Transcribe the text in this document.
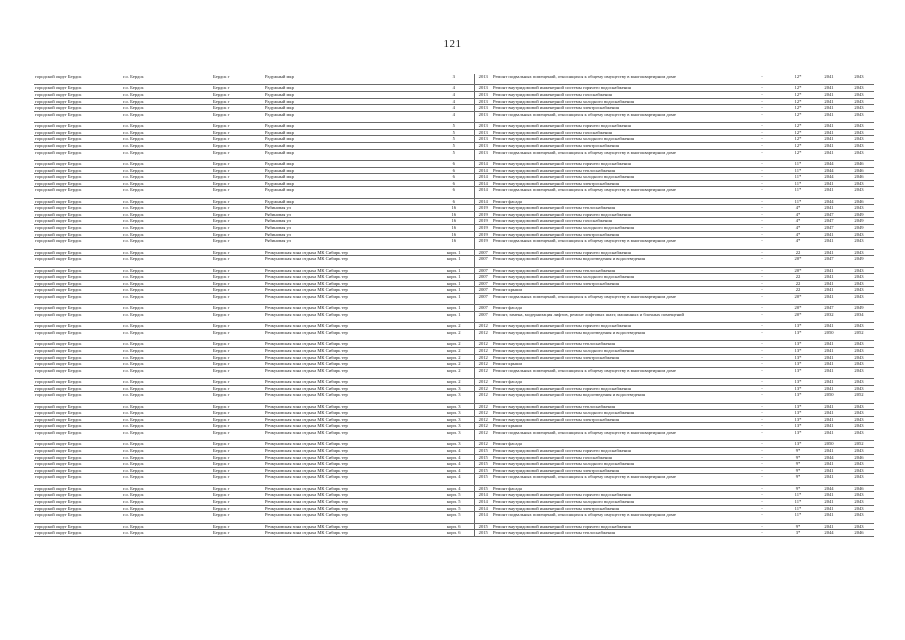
121
городской округ Бердск	г.о. Бердск	Бердск г	Радужный мкр	3	2013	Ремонт подвальных помещений, относящихся к общему имуществу в многоквартирном доме	-	12*	2041	2043
городской округ Бердск	г.о. Бердск	Бердск г	Радужный мкр	4	2013	Ремонт внутридомовой инженерной системы горячего водоснабжения	-	12*	2041	2043
городской округ Бердск	г.о. Бердск	Бердск г	Радужный мкр	4	2013	Ремонт внутридомовой инженерной системы газоснабжения	-	12*	2041	2043
городской округ Бердск	г.о. Бердск	Бердск г	Радужный мкр	4	2013	Ремонт внутридомовой инженерной системы холодного водоснабжения	-	12*	2041	2043
городской округ Бердск	г.о. Бердск	Бердск г	Радужный мкр	4	2013	Ремонт внутридомовой инженерной системы электроснабжения	-	12*	2041	2043
городской округ Бердск	г.о. Бердск	Бердск г	Радужный мкр	4	2013	Ремонт подвальных помещений, относящихся к общему имуществу в многоквартирном доме	-	12*	2041	2043
городской округ Бердск	г.о. Бердск	Бердск г	Радужный мкр	5	2013	Ремонт внутридомовой инженерной системы горячего водоснабжения	-	12*	2041	2043
городской округ Бердск	г.о. Бердск	Бердск г	Радужный мкр	5	2013	Ремонт внутридомовой инженерной системы газоснабжения	-	12*	2041	2043
городской округ Бердск	г.о. Бердск	Бердск г	Радужный мкр	5	2013	Ремонт внутридомовой инженерной системы холодного водоснабжения	-	12*	2041	2043
городской округ Бердск	г.о. Бердск	Бердск г	Радужный мкр	5	2013	Ремонт внутридомовой инженерной системы электроснабжения	-	12*	2041	2043
городской округ Бердск	г.о. Бердск	Бердск г	Радужный мкр	5	2013	Ремонт подвальных помещений, относящихся к общему имуществу в многоквартирном доме	-	12*	2041	2043
городской округ Бердск	г.о. Бердск	Бердск г	Радужный мкр	6	2014	Ремонт внутридомовой инженерной системы горячего водоснабжения	-	11*	2044	2046
городской округ Бердск	г.о. Бердск	Бердск г	Радужный мкр	6	2014	Ремонт внутридомовой инженерной системы теплоснабжения	-	11*	2044	2046
городской округ Бердск	г.о. Бердск	Бердск г	Радужный мкр	6	2014	Ремонт внутридомовой инженерной системы холодного водоснабжения	-	11*	2044	2046
городской округ Бердск	г.о. Бердск	Бердск г	Радужный мкр	6	2014	Ремонт внутридомовой инженерной системы электроснабжения	-	11*	2041	2043
городской округ Бердск	г.о. Бердск	Бердск г	Радужный мкр	6	2014	Ремонт подвальных помещений, относящихся к общему имуществу в многоквартирном доме	-	11*	2041	2043
городской округ Бердск	г.о. Бердск	Бердск г	Радужный мкр	6	2014	Ремонт фасада	-	11*	2044	2046
городской округ Бердск	г.о. Бердск	Бердск г	Рябиновая ул	16	2019	Ремонт внутридомовой инженерной системы теплоснабжения	-	4*	2041	2043
городской округ Бердск	г.о. Бердск	Бердск г	Рябиновая ул	16	2019	Ремонт внутридомовой инженерной системы горячего водоснабжения	-	4*	2047	2049
городской округ Бердск	г.о. Бердск	Бердск г	Рябиновая ул	16	2019	Ремонт внутридомовой инженерной системы газоснабжения	-	4*	2047	2049
городской округ Бердск	г.о. Бердск	Бердск г	Рябиновая ул	16	2019	Ремонт внутридомовой инженерной системы холодного водоснабжения	-	4*	2047	2049
городской округ Бердск	г.о. Бердск	Бердск г	Рябиновая ул	16	2019	Ремонт внутридомовой инженерной системы электроснабжения	-	4*	2041	2043
городской округ Бердск	г.о. Бердск	Бердск г	Рябиновая ул	16	2019	Ремонт подвальных помещений, относящихся к общему имуществу в многоквартирном доме	-	4*	2041	2043
городской округ Бердск	г.о. Бердск	Бердск г	Речкуновская зона отдыха МК Сибирь тер	корп. 1	2007	Ремонт внутридомовой инженерной системы горячего водоснабжения	-	22	2041	2043
городской округ Бердск	г.о. Бердск	Бердск г	Речкуновская зона отдыха МК Сибирь тер	корп. 1	2007	Ремонт внутридомовой инженерной системы водоотведения и водоотведения	-	20*	2047	2049
городской округ Бердск	г.о. Бердск	Бердск г	Речкуновская зона отдыха МК Сибирь тер	корп. 1	2007	Ремонт внутридомовой инженерной системы теплоснабжения	-	20*	2041	2043
городской округ Бердск	г.о. Бердск	Бердск г	Речкуновская зона отдыха МК Сибирь тер	корп. 1	2007	Ремонт внутридомовой инженерной системы холодного водоснабжения	-	22	2041	2043
городской округ Бердск	г.о. Бердск	Бердск г	Речкуновская зона отдыха МК Сибирь тер	корп. 1	2007	Ремонт внутридомовой инженерной системы электроснабжения	-	22	2041	2043
городской округ Бердск	г.о. Бердск	Бердск г	Речкуновская зона отдыха МК Сибирь тер	корп. 1	2007	Ремонт крыши	-	22	2041	2043
городской округ Бердск	г.о. Бердск	Бердск г	Речкуновская зона отдыха МК Сибирь тер	корп. 1	2007	Ремонт подвальных помещений, относящихся к общему имуществу в многоквартирном доме	-	20*	2041	2043
городской округ Бердск	г.о. Бердск	Бердск г	Речкуновская зона отдыха МК Сибирь тер	корп. 1	2007	Ремонт фасада	-	20*	2047	2049
городской округ Бердск	г.о. Бердск	Бердск г	Речкуновская зона отдыха МК Сибирь тер	корп. 1	2007	Ремонт, замена, модернизация лифтов, ремонт лифтовых шахт, машинных и блочных помещений	-	20*	2032	2034
городской округ Бердск	г.о. Бердск	Бердск г	Речкуновская зона отдыха МК Сибирь тер	корп. 2	2012	Ремонт внутридомовой инженерной системы горячего водоснабжения	-	13*	2041	2043
городской округ Бердск	г.о. Бердск	Бердск г	Речкуновская зона отдыха МК Сибирь тер	корп. 2	2012	Ремонт внутридомовой инженерной системы водоотведения и водоотведения	-	13*	2050	2052
городской округ Бердск	г.о. Бердск	Бердск г	Речкуновская зона отдыха МК Сибирь тер	корп. 2	2012	Ремонт внутридомовой инженерной системы теплоснабжения	-	13*	2041	2043
городской округ Бердск	г.о. Бердск	Бердск г	Речкуновская зона отдыха МК Сибирь тер	корп. 2	2012	Ремонт внутридомовой инженерной системы холодного водоснабжения	-	13*	2041	2043
городской округ Бердск	г.о. Бердск	Бердск г	Речкуновская зона отдыха МК Сибирь тер	корп. 2	2012	Ремонт внутридомовой инженерной системы электроснабжения	-	13*	2041	2043
городской округ Бердск	г.о. Бердск	Бердск г	Речкуновская зона отдыха МК Сибирь тер	корп. 2	2012	Ремонт крыши	-	13*	2041	2043
городской округ Бердск	г.о. Бердск	Бердск г	Речкуновская зона отдыха МК Сибирь тер	корп. 2	2012	Ремонт подвальных помещений, относящихся к общему имуществу в многоквартирном доме	-	13*	2041	2043
городской округ Бердск	г.о. Бердск	Бердск г	Речкуновская зона отдыха МК Сибирь тер	корп. 2	2012	Ремонт фасада	-	13*	2041	2043
городской округ Бердск	г.о. Бердск	Бердск г	Речкуновская зона отдыха МК Сибирь тер	корп. 3	2012	Ремонт внутридомовой инженерной системы горячего водоснабжения	-	13*	2041	2043
городской округ Бердск	г.о. Бердск	Бердск г	Речкуновская зона отдыха МК Сибирь тер	корп. 3	2012	Ремонт внутридомовой инженерной системы водоотведения и водоотведения	-	13*	2050	2052
городской округ Бердск	г.о. Бердск	Бердск г	Речкуновская зона отдыха МК Сибирь тер	корп. 3	2012	Ремонт внутридомовой инженерной системы теплоснабжения	-	13*	2041	2043
городской округ Бердск	г.о. Бердск	Бердск г	Речкуновская зона отдыха МК Сибирь тер	корп. 3	2012	Ремонт внутридомовой инженерной системы холодного водоснабжения	-	13*	2041	2043
городской округ Бердск	г.о. Бердск	Бердск г	Речкуновская зона отдыха МК Сибирь тер	корп. 3	2012	Ремонт внутридомовой инженерной системы электроснабжения	-	13*	2041	2043
городской округ Бердск	г.о. Бердск	Бердск г	Речкуновская зона отдыха МК Сибирь тер	корп. 3	2012	Ремонт крыши	-	13*	2041	2043
городской округ Бердск	г.о. Бердск	Бердск г	Речкуновская зона отдыха МК Сибирь тер	корп. 3	2012	Ремонт подвальных помещений, относящихся к общему имуществу в многоквартирном доме	-	13*	2041	2043
городской округ Бердск	г.о. Бердск	Бердск г	Речкуновская зона отдыха МК Сибирь тер	корп. 3	2012	Ремонт фасада	-	13*	2050	2052
городской округ Бердск	г.о. Бердск	Бердск г	Речкуновская зона отдыха МК Сибирь тер	корп. 4	2015	Ремонт внутридомовой инженерной системы горячего водоснабжения	-	9*	2041	2043
городской округ Бердск	г.о. Бердск	Бердск г	Речкуновская зона отдыха МК Сибирь тер	корп. 4	2015	Ремонт внутридомовой инженерной системы газоснабжения	-	9*	2044	2046
городской округ Бердск	г.о. Бердск	Бердск г	Речкуновская зона отдыха МК Сибирь тер	корп. 4	2015	Ремонт внутридомовой инженерной системы холодного водоснабжения	-	9*	2041	2043
городской округ Бердск	г.о. Бердск	Бердск г	Речкуновская зона отдыха МК Сибирь тер	корп. 4	2015	Ремонт внутридомовой инженерной системы электроснабжения	-	9*	2041	2043
городской округ Бердск	г.о. Бердск	Бердск г	Речкуновская зона отдыха МК Сибирь тер	корп. 4	2015	Ремонт подвальных помещений, относящихся к общему имуществу в многоквартирном доме	-	9*	2041	2043
городской округ Бердск	г.о. Бердск	Бердск г	Речкуновская зона отдыха МК Сибирь тер	корп. 4	2015	Ремонт фасада	-	9*	2044	2046
городской округ Бердск	г.о. Бердск	Бердск г	Речкуновская зона отдыха МК Сибирь тер	корп. 5	2014	Ремонт внутридомовой инженерной системы горячего водоснабжения	-	11*	2041	2043
городской округ Бердск	г.о. Бердск	Бердск г	Речкуновская зона отдыха МК Сибирь тер	корп. 5	2014	Ремонт внутридомовой инженерной системы холодного водоснабжения	-	11*	2041	2043
городской округ Бердск	г.о. Бердск	Бердск г	Речкуновская зона отдыха МК Сибирь тер	корп. 5	2014	Ремонт внутридомовой инженерной системы электроснабжения	-	11*	2041	2043
городской округ Бердск	г.о. Бердск	Бердск г	Речкуновская зона отдыха МК Сибирь тер	корп. 5	2014	Ремонт подвальных помещений, относящихся к общему имуществу в многоквартирном доме	-	11*	2041	2043
городской округ Бердск	г.о. Бердск	Бердск г	Речкуновская зона отдыха МК Сибирь тер	корп. 6	2015	Ремонт внутридомовой инженерной системы горячего водоснабжения	-	9*	2041	2043
городской округ Бердск	г.о. Бердск	Бердск г	Речкуновская зона отдыха МК Сибирь тер	корп. 6	2015	Ремонт внутридомовой инженерной системы теплоснабжения	-	3*	2044	2046
